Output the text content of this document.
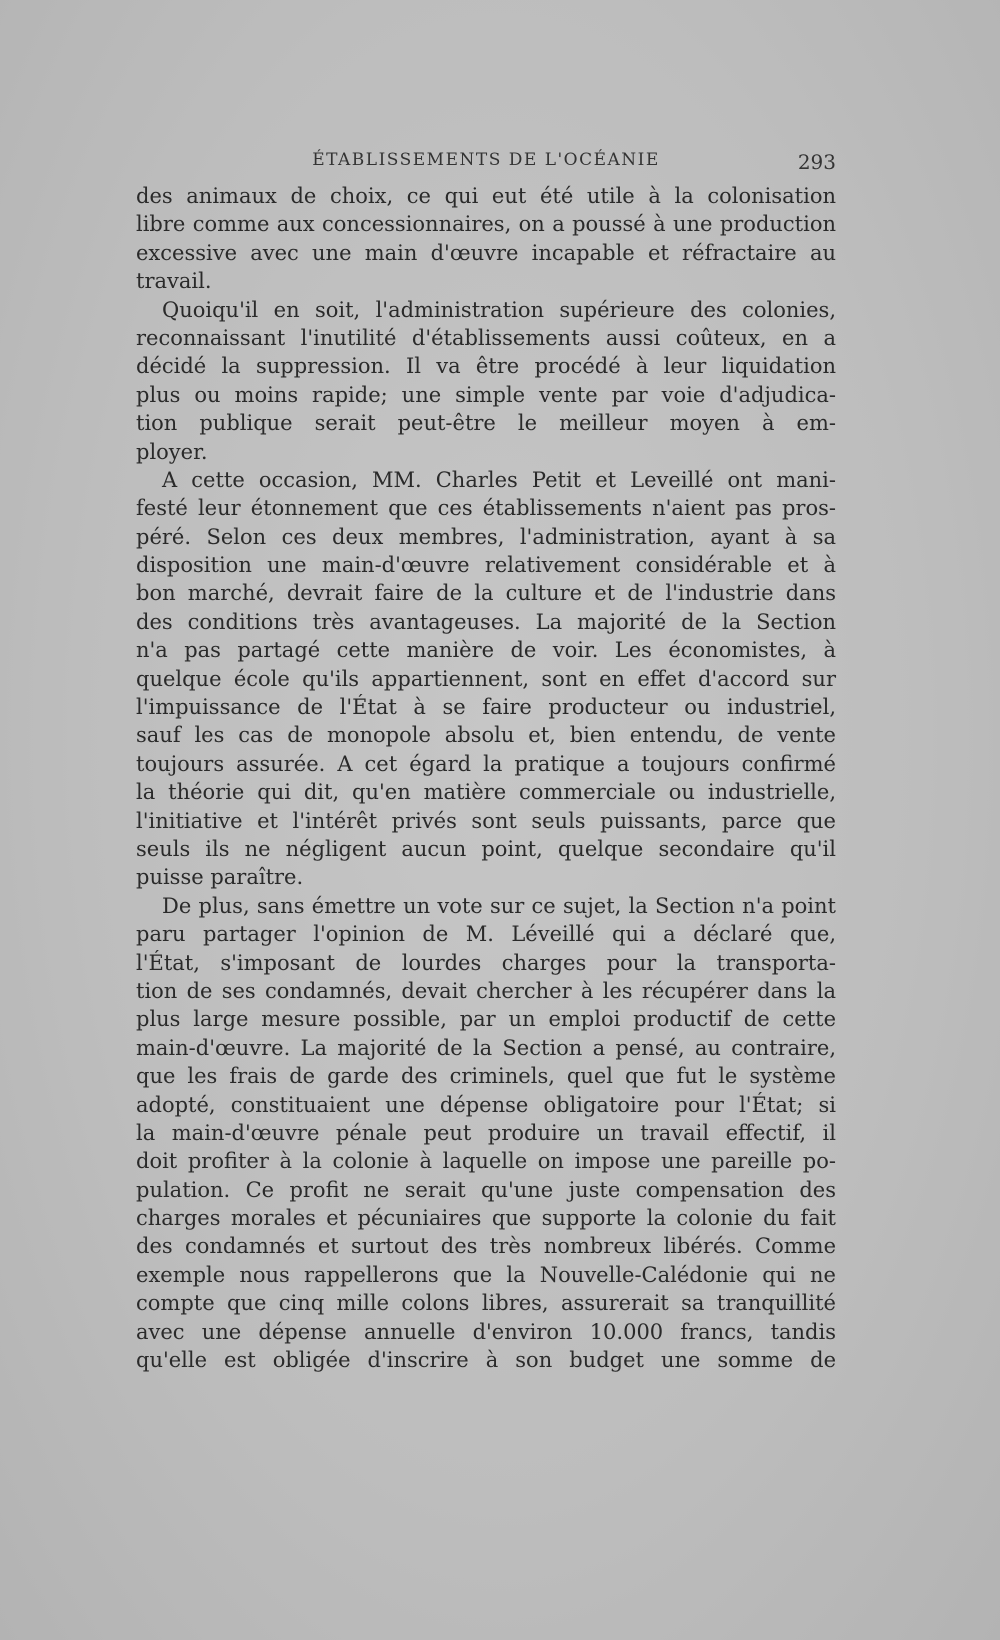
ÉTABLISSEMENTS DE L'OCÉANIE	293
des animaux de choix, ce qui eut été utile à la colonisation
libre comme aux concessionnaires, on a poussé à une production
excessive avec une main d'œuvre incapable et réfractaire au
travail.
Quoiqu'il en soit, l'administration supérieure des colonies,
reconnaissant l'inutilité d'établissements aussi coûteux, en a
décidé la suppression. Il va être procédé à leur liquidation
plus ou moins rapide; une simple vente par voie d'adjudica-
tion publique serait peut-être le meilleur moyen à em-
ployer.
A cette occasion, MM. Charles Petit et Leveillé ont mani-
festé leur étonnement que ces établissements n'aient pas pros-
péré. Selon ces deux membres, l'administration, ayant à sa
disposition une main-d'œuvre relativement considérable et à
bon marché, devrait faire de la culture et de l'industrie dans
des conditions très avantageuses. La majorité de la Section
n'a pas partagé cette manière de voir. Les économistes, à
quelque école qu'ils appartiennent, sont en effet d'accord sur
l'impuissance de l'État à se faire producteur ou industriel,
sauf les cas de monopole absolu et, bien entendu, de vente
toujours assurée. A cet égard la pratique a toujours confirmé
la théorie qui dit, qu'en matière commerciale ou industrielle,
l'initiative et l'intérêt privés sont seuls puissants, parce que
seuls ils ne négligent aucun point, quelque secondaire qu'il
puisse paraître.
De plus, sans émettre un vote sur ce sujet, la Section n'a point
paru partager l'opinion de M. Léveillé qui a déclaré que,
l'État, s'imposant de lourdes charges pour la transporta-
tion de ses condamnés, devait chercher à les récupérer dans la
plus large mesure possible, par un emploi productif de cette
main-d'œuvre. La majorité de la Section a pensé, au contraire,
que les frais de garde des criminels, quel que fut le système
adopté, constituaient une dépense obligatoire pour l'État; si
la main-d'œuvre pénale peut produire un travail effectif, il
doit profiter à la colonie à laquelle on impose une pareille po-
pulation. Ce profit ne serait qu'une juste compensation des
charges morales et pécuniaires que supporte la colonie du fait
des condamnés et surtout des très nombreux libérés. Comme
exemple nous rappellerons que la Nouvelle-Calédonie qui ne
compte que cinq mille colons libres, assurerait sa tranquillité
avec une dépense annuelle d'environ 10.000 francs, tandis
qu'elle est obligée d'inscrire à son budget une somme de
